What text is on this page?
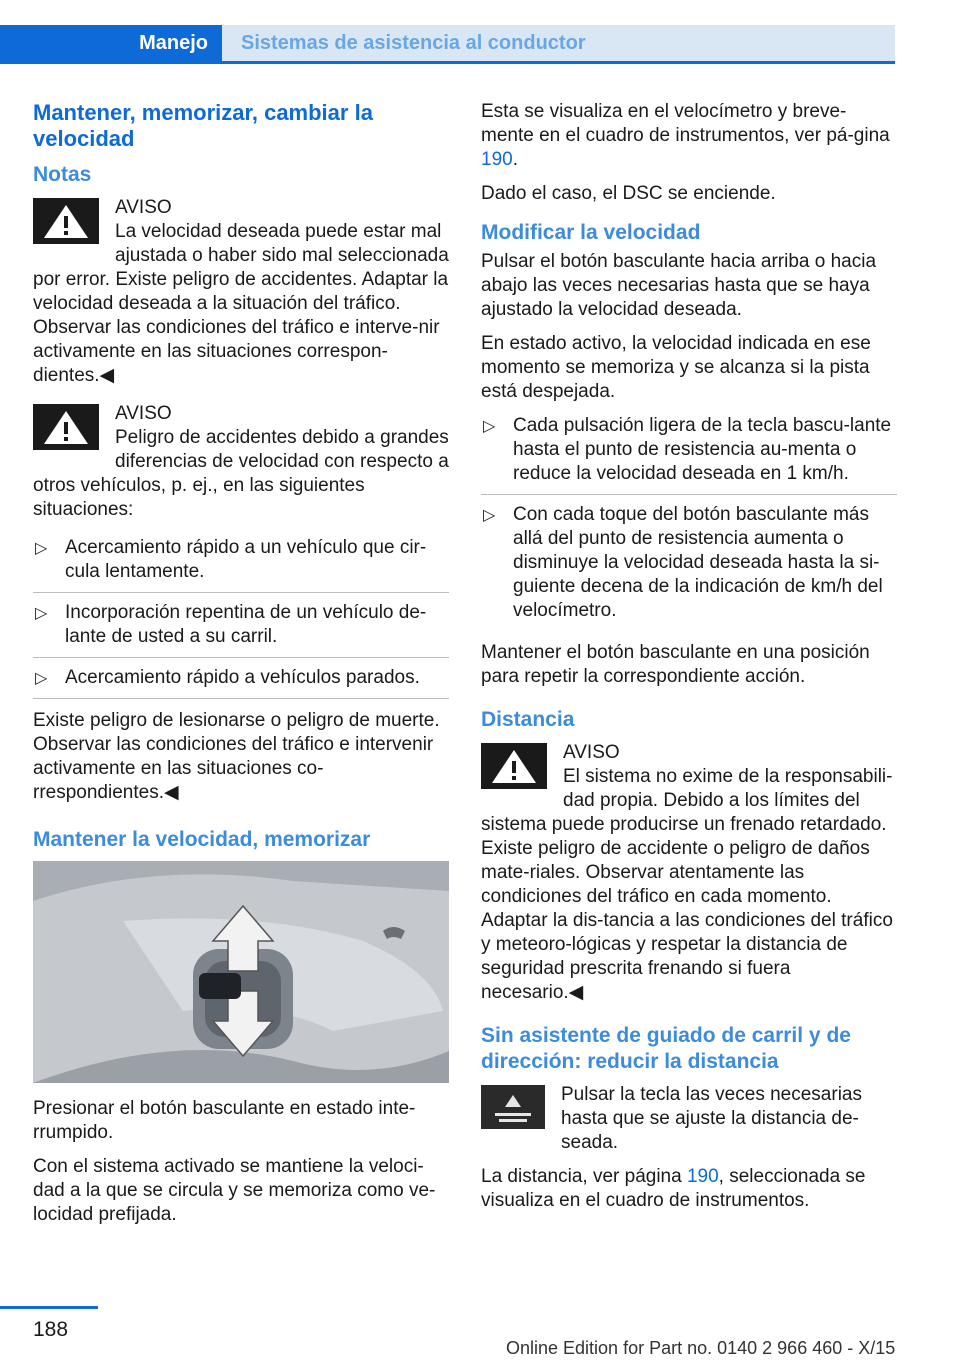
Manejo	Sistemas de asistencia al conductor
Mantener, memorizar, cambiar la velocidad
Notas
AVISO
La velocidad deseada puede estar mal ajustada o haber sido mal seleccionada por error. Existe peligro de accidentes. Adaptar la velocidad deseada a la situación del tráfico. Observar las condiciones del tráfico e interve‐nir activamente en las situaciones correspon‐dientes.◀
AVISO
Peligro de accidentes debido a grandes diferencias de velocidad con respecto a otros vehículos, p. ej., en las siguientes situaciones:
▷ Acercamiento rápido a un vehículo que cir‐cula lentamente.
▷ Incorporación repentina de un vehículo de‐lante de usted a su carril.
▷ Acercamiento rápido a vehículos parados.

Existe peligro de lesionarse o peligro de muerte. Observar las condiciones del tráfico e intervenir activamente en las situaciones co‐rrespondientes.◀

Mantener la velocidad, memorizar

Presionar el botón basculante en estado inte‐rrumpido.

Con el sistema activado se mantiene la veloci‐dad a la que se circula y se memoriza como ve‐locidad prefijada.

Esta se visualiza en el velocímetro y breve‐mente en el cuadro de instrumentos, ver pá‐gina 190.

Dado el caso, el DSC se enciende.

Modificar la velocidad

Pulsar el botón basculante hacia arriba o hacia abajo las veces necesarias hasta que se haya ajustado la velocidad deseada.

En estado activo, la velocidad indicada en ese momento se memoriza y se alcanza si la pista está despejada.

▷ Cada pulsación ligera de la tecla bascu‐lante hasta el punto de resistencia au‐menta o reduce la velocidad deseada en 1 km/h.
▷ Con cada toque del botón basculante más allá del punto de resistencia aumenta o disminuye la velocidad deseada hasta la si‐guiente decena de la indicación de km/h del velocímetro.

Mantener el botón basculante en una posición para repetir la correspondiente acción.

Distancia
AVISO
El sistema no exime de la responsabili‐dad propia. Debido a los límites del sistema puede producirse un frenado retardado. Existe peligro de accidente o peligro de daños mate‐riales. Observar atentamente las condiciones del tráfico en cada momento. Adaptar la dis‐tancia a las condiciones del tráfico y meteoro‐lógicas y respetar la distancia de seguridad prescrita frenando si fuera necesario.◀
Sin asistente de guiado de carril y de dirección: reducir la distancia

Pulsar la tecla las veces necesarias hasta que se ajuste la distancia de‐seada.

La distancia, ver página 190, seleccionada se visualiza en el cuadro de instrumentos.

188
Online Edition for Part no. 0140 2 966 460 - X/15
